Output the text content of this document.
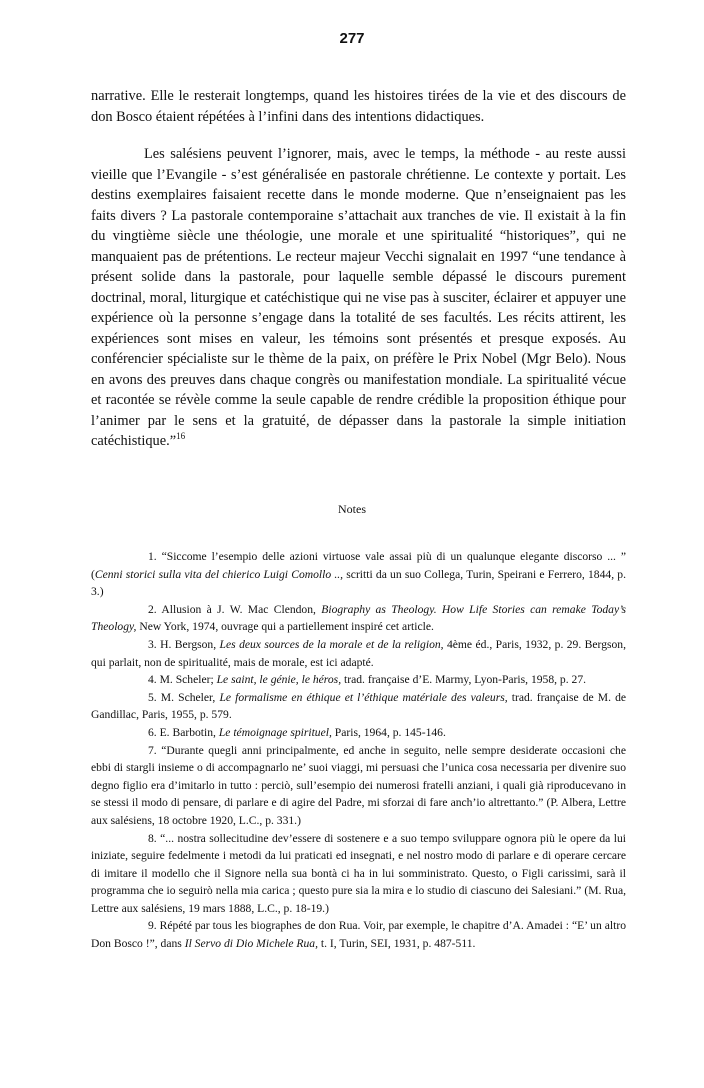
277

narrative. Elle le resterait longtemps, quand les histoires tirées de la vie et des discours de don Bosco étaient répétées à l’infini dans des intentions didactiques.

Les salésiens peuvent l’ignorer, mais, avec le temps, la méthode - au reste aussi vieille que l’Evangile - s’est généralisée en pastorale chrétienne. Le contexte y portait. Les destins exemplaires faisaient recette dans le monde moderne. Que n’enseignaient pas les faits divers ? La pastorale contemporaine s’attachait aux tranches de vie. Il existait à la fin du vingtième siècle une théologie, une morale et une spiritualité “historiques”, qui ne manquaient pas de prétentions. Le recteur majeur Vecchi signalait en 1997 “une tendance à présent solide dans la pastorale, pour laquelle semble dépassé le discours purement doctrinal, moral, liturgique et catéchistique qui ne vise pas à susciter, éclairer et appuyer une expérience où la personne s’engage dans la totalité de ses facultés. Les récits attirent, les expériences sont mises en valeur, les témoins sont présentés et presque exposés. Au conférencier spécialiste sur le thème de la paix, on préfère le Prix Nobel (Mgr Belo). Nous en avons des preuves dans chaque congrès ou manifestation mondiale. La spiritualité vécue et racontée se révèle comme la seule capable de rendre crédible la proposition éthique pour l’animer par le sens et la gratuité, de dépasser dans la pastorale la simple initiation catéchistique.”$^{16}$

Notes

1. “Siccome l’esempio delle azioni virtuose vale assai più di un qualunque elegante discorso ... ” (Cenni storici sulla vita del chierico Luigi Comollo .., scritti da un suo Collega, Turin, Speirani e Ferrero, 1844, p. 3.)

2. Allusion à J. W. Mac Clendon, Biography as Theology. How Life Stories can remake Today’s Theology, New York, 1974, ouvrage qui a partiellement inspiré cet article.

3. H. Bergson, Les deux sources de la morale et de la religion, 4ème éd., Paris, 1932, p. 29. Bergson, qui parlait, non de spiritualité, mais de morale, est ici adapté.

4. M. Scheler; Le saint, le génie, le héros, trad. française d’E. Marmy, Lyon-Paris, 1958, p. 27.

5. M. Scheler, Le formalisme en éthique et l’éthique matériale des valeurs, trad. française de M. de Gandillac, Paris, 1955, p. 579.

6. E. Barbotin, Le témoignage spirituel, Paris, 1964, p. 145-146.

7. “Durante quegli anni principalmente, ed anche in seguito, nelle sempre desiderate occasioni che ebbi di stargli insieme o di accompagnarlo ne’ suoi viaggi, mi persuasi che l’unica cosa necessaria per divenire suo degno figlio era d’imitarlo in tutto : perciò, sull’esempio dei numerosi fratelli anziani, i quali già riproducevano in se stessi il modo di pensare, di parlare e di agire del Padre, mi sforzai di fare anch’io altrettanto.” (P. Albera, Lettre aux salésiens, 18 octobre 1920, L.C., p. 331.)

8. “... nostra sollecitudine dev’essere di sostenere e a suo tempo sviluppare ognora più le opere da lui iniziate, seguire fedelmente i metodi da lui praticati ed insegnati, e nel nostro modo di parlare e di operare cercare di imitare il modello che il Signore nella sua bontà ci ha in lui somministrato. Questo, o Figli carissimi, sarà il programma che io seguirò nella mia carica ; questo pure sia la mira e lo studio di ciascuno dei Salesiani.” (M. Rua, Lettre aux salésiens, 19 mars 1888, L.C., p. 18-19.)

9. Répété par tous les biographes de don Rua. Voir, par exemple, le chapitre d’A. Amadei : “E’ un altro Don Bosco !”, dans Il Servo di Dio Michele Rua, t. I, Turin, SEI, 1931, p. 487-511.
